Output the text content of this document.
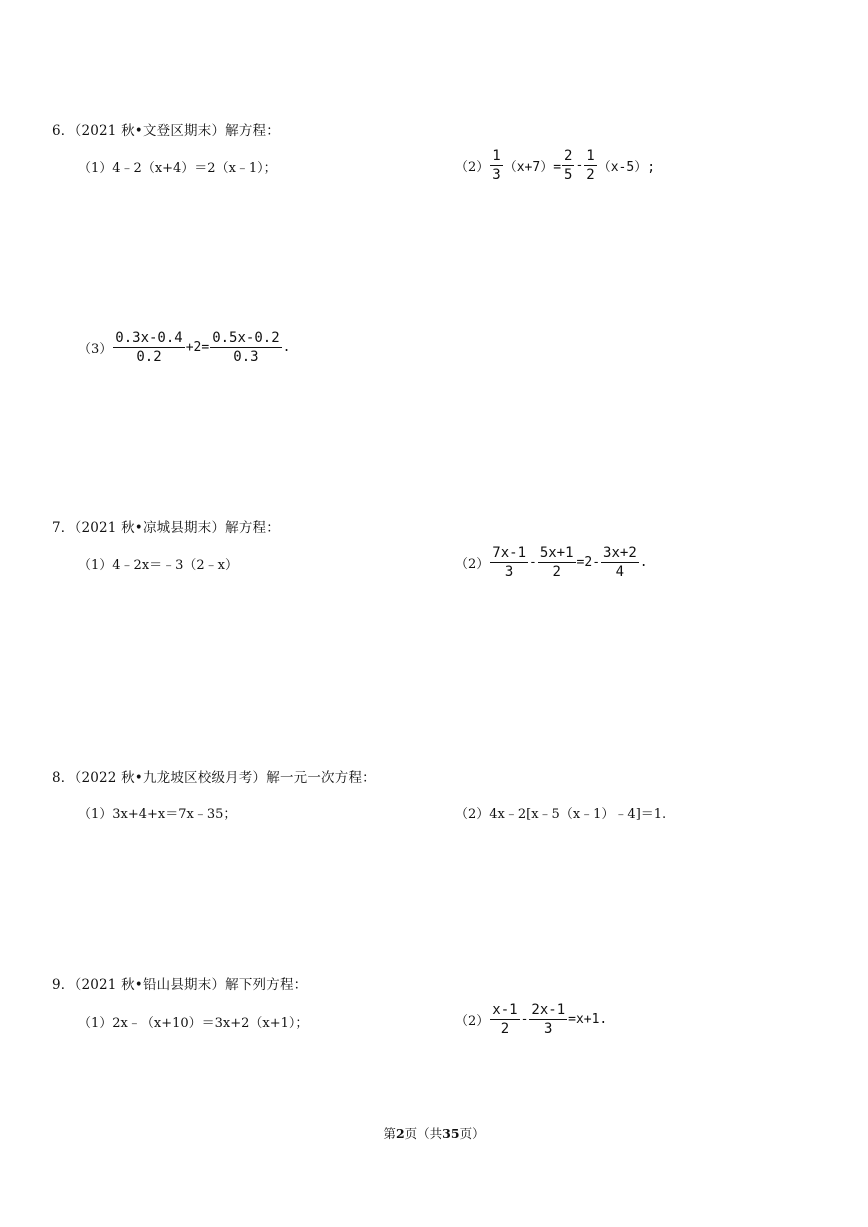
6．（2021 秋•文登区期末）解方程：
（1）4﹣2（x+4）＝2（x﹣1）；	$(2) \frac{1}{3} (x+7)= \frac{2}{5} - \frac{1}{2} (x-5)$;
$(3) \frac{0.3x-0.4}{0.2} +2= \frac{0.5x-0.2}{0.3}$ .
7．（2021 秋•凉城县期末）解方程：
（1）4﹣2x＝﹣3（2﹣x）	$(2) \frac{7x-1}{3} - \frac{5x+1}{2} =2- \frac{3x+2}{4}$ .
8．（2022 秋•九龙坡区校级月考）解一元一次方程：
（1）3x+4+x＝7x﹣35；	（2）4x﹣2[x﹣5（x﹣1）﹣4]＝1.
9．（2021 秋•铅山县期末）解下列方程：
（1）2x﹣（x+10）＝3x+2（x+1）；	$(2) \frac{x-1}{2} - \frac{2x-1}{3} =x+1$.
第2页（共35页）
